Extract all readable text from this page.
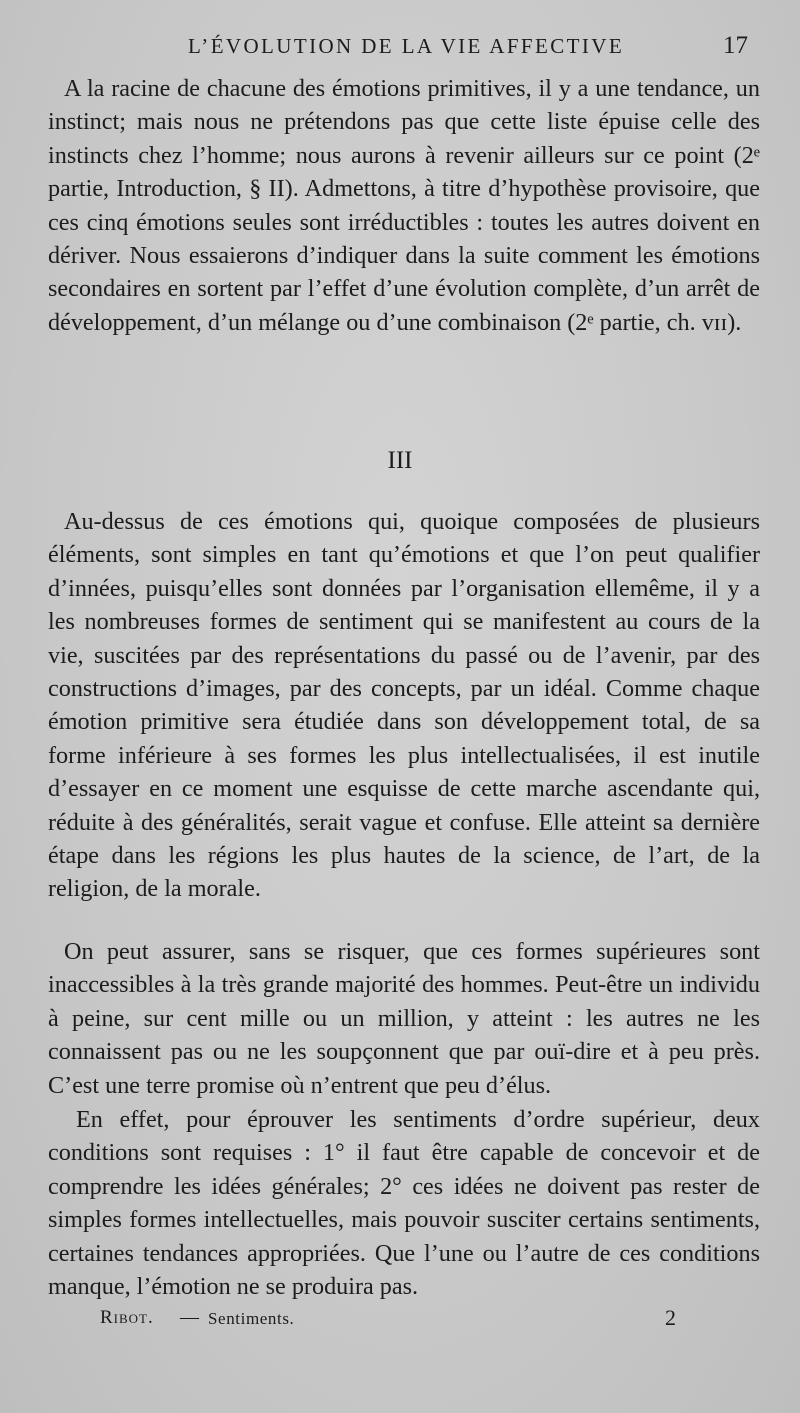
L’ÉVOLUTION DE LA VIE AFFECTIVE	17

A la racine de chacune des émotions primitives, il y a une tendance, un instinct; mais nous ne prétendons pas que cette liste épuise celle des instincts chez l’homme; nous aurons à revenir ailleurs sur ce point (2ᵉ partie, Introduction, § II). Admettons, à titre d’hypothèse provisoire, que ces cinq émotions seules sont irréductibles : toutes les autres doivent en dériver. Nous essaierons d’indiquer dans la suite comment les émotions secondaires en sortent par l’effet d’une évolution complète, d’un arrêt de développement, d’un mélange ou d’une combinaison (2ᵉ partie, ch. ᴠɪɪ).

III

Au-dessus de ces émotions qui, quoique composées de plusieurs éléments, sont simples en tant qu’émotions et que l’on peut qualifier d’innées, puisqu’elles sont données par l’organisation ellemême, il y a les nombreuses formes de sentiment qui se manifestent au cours de la vie, suscitées par des représentations du passé ou de l’avenir, par des constructions d’images, par des concepts, par un idéal. Comme chaque émotion primitive sera étudiée dans son développement total, de sa forme inférieure à ses formes les plus intellectualisées, il est inutile d’essayer en ce moment une esquisse de cette marche ascendante qui, réduite à des généralités, serait vague et confuse. Elle atteint sa dernière étape dans les régions les plus hautes de la science, de l’art, de la religion, de la morale.

On peut assurer, sans se risquer, que ces formes supérieures sont inaccessibles à la très grande majorité des hommes. Peut-être un individu à peine, sur cent mille ou un million, y atteint : les autres ne les connaissent pas ou ne les soupçonnent que par ouï-dire et à peu près. C’est une terre promise où n’entrent que peu d’élus.

En effet, pour éprouver les sentiments d’ordre supérieur, deux conditions sont requises : 1° il faut être capable de concevoir et de comprendre les idées générales; 2° ces idées ne doivent pas rester de simples formes intellectuelles, mais pouvoir susciter certains sentiments, certaines tendances appropriées. Que l’une ou l’autre de ces conditions manque, l’émotion ne se produira pas.

Ribot. — Sentiments.	2
